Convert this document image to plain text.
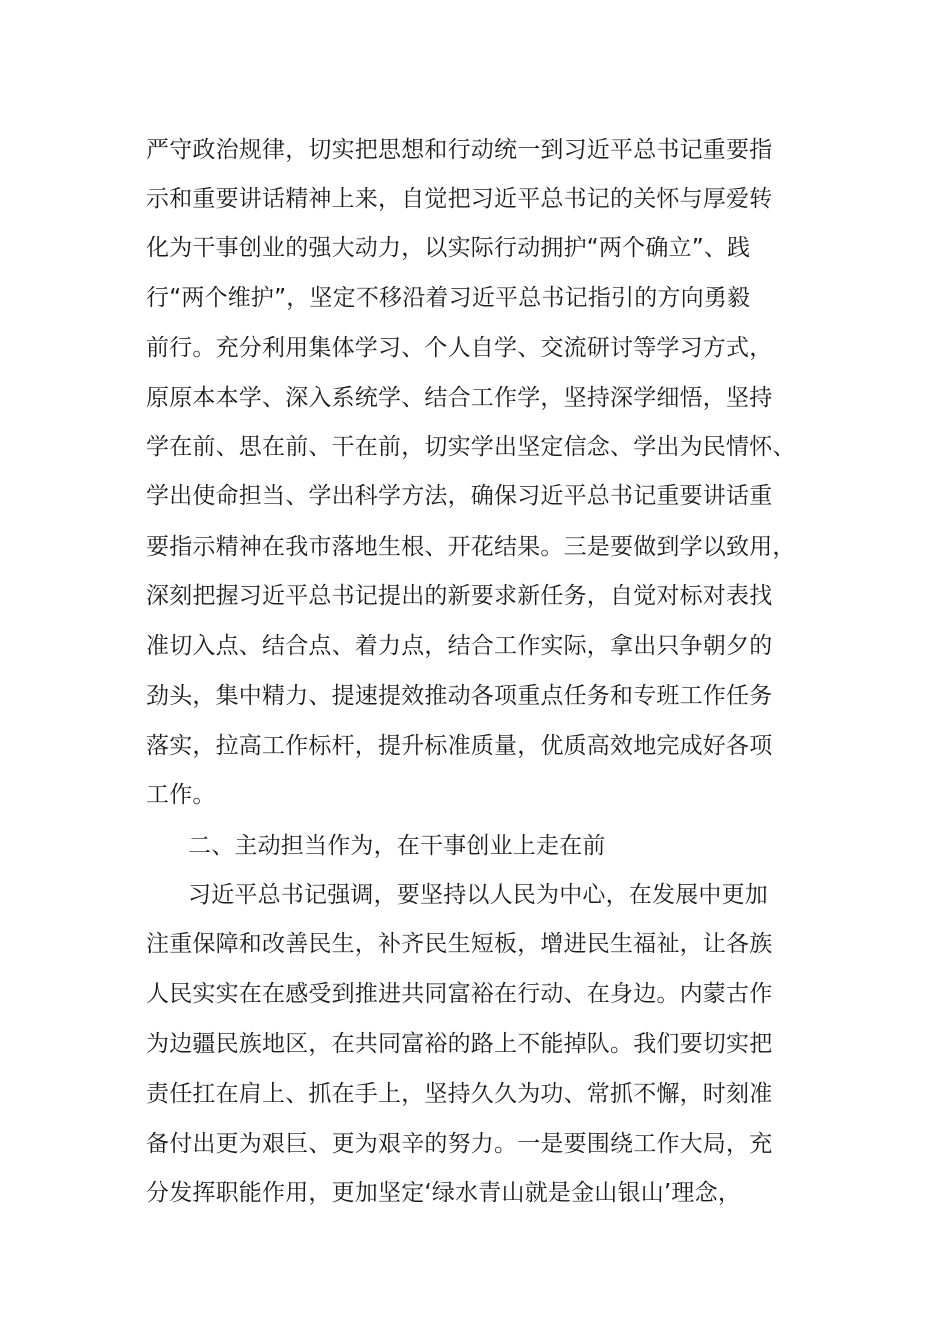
严守政治规律，切实把思想和行动统一到习近平总书记重要指
示和重要讲话精神上来，自觉把习近平总书记的关怀与厚爱转
化为干事创业的强大动力，以实际行动拥护“两个确立”、践
行“两个维护”，坚定不移沿着习近平总书记指引的方向勇毅
前行。充分利用集体学习、个人自学、交流研讨等学习方式，
原原本本学、深入系统学、结合工作学，坚持深学细悟，坚持
学在前、思在前、干在前，切实学出坚定信念、学出为民情怀、
学出使命担当、学出科学方法，确保习近平总书记重要讲话重
要指示精神在我市落地生根、开花结果。三是要做到学以致用，
深刻把握习近平总书记提出的新要求新任务，自觉对标对表找
准切入点、结合点、着力点，结合工作实际，拿出只争朝夕的
劲头，集中精力、提速提效推动各项重点任务和专班工作任务
落实，拉高工作标杆，提升标准质量，优质高效地完成好各项
工作。
二、主动担当作为，在干事创业上走在前
习近平总书记强调，要坚持以人民为中心，在发展中更加
注重保障和改善民生，补齐民生短板，增进民生福祉，让各族
人民实实在在感受到推进共同富裕在行动、在身边。内蒙古作
为边疆民族地区，在共同富裕的路上不能掉队。我们要切实把
责任扛在肩上、抓在手上，坚持久久为功、常抓不懈，时刻准
备付出更为艰巨、更为艰辛的努力。一是要围绕工作大局，充
分发挥职能作用，更加坚定‘绿水青山就是金山银山’理念，
